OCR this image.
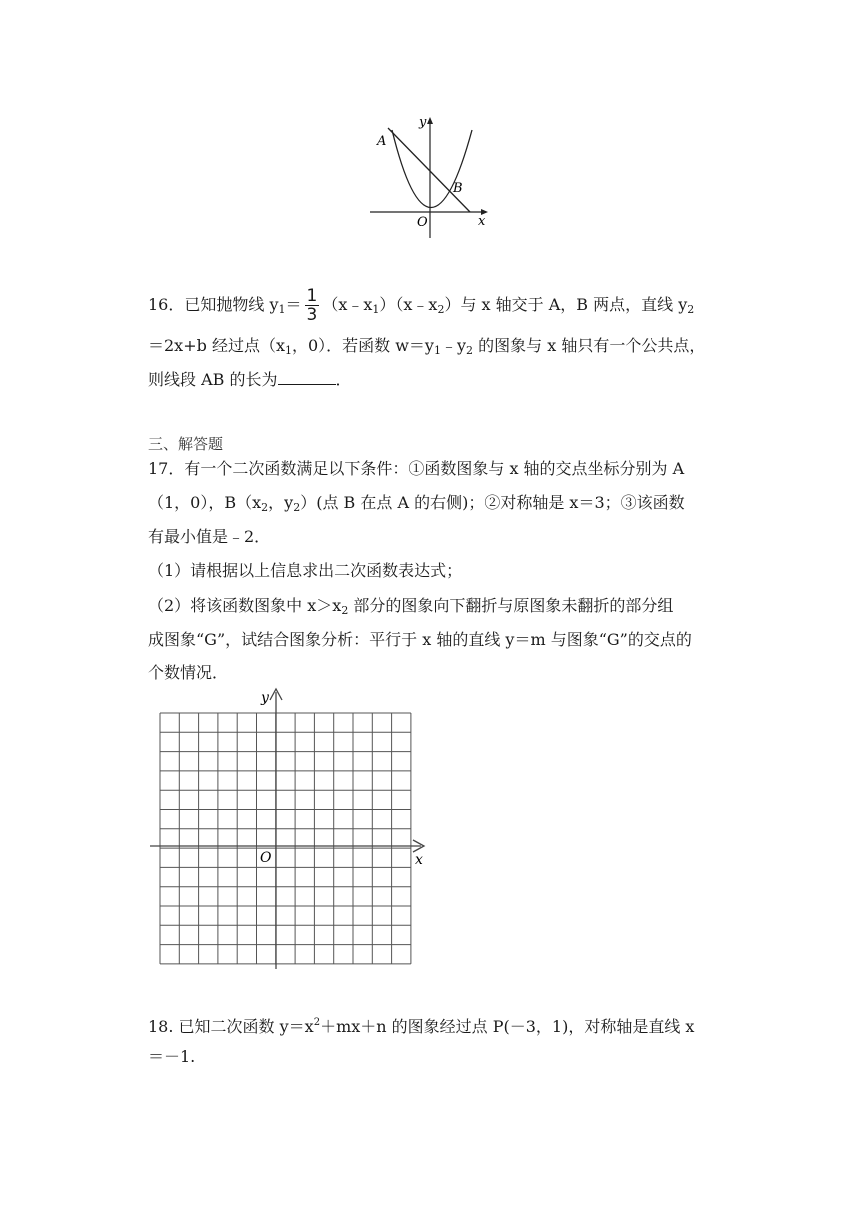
A
B
O	x
y
16．已知抛物线 $y_1= \frac{1}{3}$ $(x﹣x_1)(x﹣x_2)$与 x 轴交于 A，B 两点，直线 $y_2$
＝2x+b 经过点（$x_1$，0）．若函数 $w=y_1﹣y_2$ 的图象与 x 轴只有一个公共点，
则线段 AB 的长为	．
三、解答题
17．有一个二次函数满足以下条件：①函数图象与 x 轴的交点坐标分别为 A
（1，0），$B(x_2$，$y_2$）(点 B 在点 A 的右侧)；②对称轴是 x＝3；③该函数
有最小值是﹣2．
（1）请根据以上信息求出二次函数表达式；
（2）将该函数图象中 $x>x_2$ 部分的图象向下翻折与原图象未翻折的部分组
成图象“G”，试结合图象分析：平行于 x 轴的直线 y＝m 与图象“G”的交点的
个数情况．
O	x
y
18. 已知二次函数 $y=x^2+mx+n$ 的图象经过点 P(－3，1)，对称轴是直线 x
＝－1.
